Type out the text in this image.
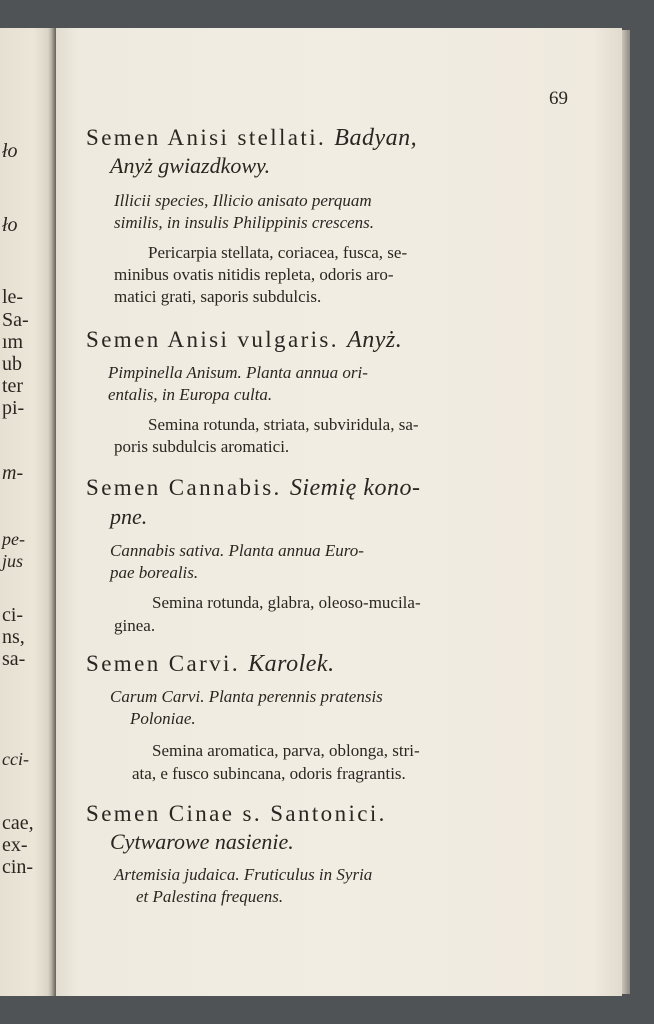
ło
ło
le-
Sa-
ım
ub
ter
pi-
m-
pe-
jus
ci-
ns,
sa-
cci-
cae,
ex-
cin-
69
Semen Anisi stellati. Badyan,
Anyż gwiazdkowy.
Illicii species, Illicio anisato perquam
similis, in insulis Philippinis crescens.
Pericarpia stellata, coriacea, fusca, se-
minibus ovatis nitidis repleta, odoris aro-
matici grati, saporis subdulcis.
Semen Anisi vulgaris. Anyż.
Pimpinella Anisum. Planta annua ori-
entalis, in Europa culta.
Semina rotunda, striata, subviridula, sa-
poris subdulcis aromatici.
Semen Cannabis. Siemię kono-
pne.
Cannabis sativa. Planta annua Euro-
pae borealis.
Semina rotunda, glabra, oleoso-mucila-
ginea.
Semen Carvi. Karolek.
Carum Carvi. Planta perennis pratensis
Poloniae.
Semina aromatica, parva, oblonga, stri-
ata, e fusco subincana, odoris fragrantis.
Semen Cinae s. Santonici.
Cytwarowe nasienie.
Artemisia judaica. Fruticulus in Syria
et Palestina frequens.
